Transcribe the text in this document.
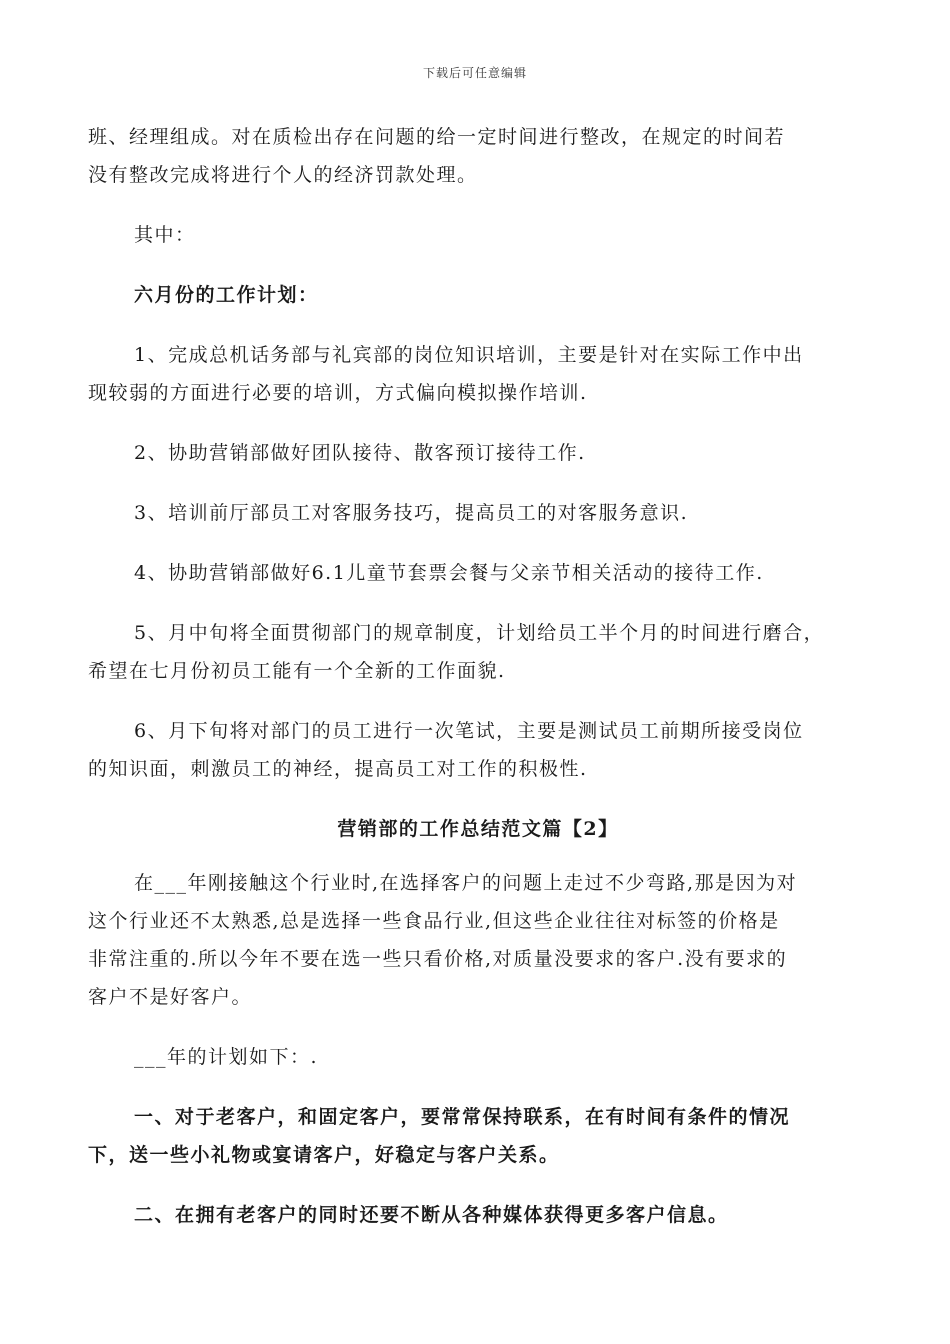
下载后可任意编辑
班、经理组成。对在质检出存在问题的给一定时间进行整改，在规定的时间若
没有整改完成将进行个人的经济罚款处理。
其中：
六月份的工作计划：
1、完成总机话务部与礼宾部的岗位知识培训，主要是针对在实际工作中出
现较弱的方面进行必要的培训，方式偏向模拟操作培训.
2、协助营销部做好团队接待、散客预订接待工作.
3、培训前厅部员工对客服务技巧，提高员工的对客服务意识.
4、协助营销部做好6.1儿童节套票会餐与父亲节相关活动的接待工作.
5、月中旬将全面贯彻部门的规章制度，计划给员工半个月的时间进行磨合，
希望在七月份初员工能有一个全新的工作面貌.
6、月下旬将对部门的员工进行一次笔试，主要是测试员工前期所接受岗位
的知识面，刺激员工的神经，提高员工对工作的积极性.
营销部的工作总结范文篇【2】
在___年刚接触这个行业时,在选择客户的问题上走过不少弯路,那是因为对
这个行业还不太熟悉,总是选择一些食品行业,但这些企业往往对标签的价格是
非常注重的.所以今年不要在选一些只看价格,对质量没要求的客户.没有要求的
客户不是好客户。
___年的计划如下：.
一、对于老客户，和固定客户，要常常保持联系，在有时间有条件的情况
下，送一些小礼物或宴请客户，好稳定与客户关系。
二、在拥有老客户的同时还要不断从各种媒体获得更多客户信息。
